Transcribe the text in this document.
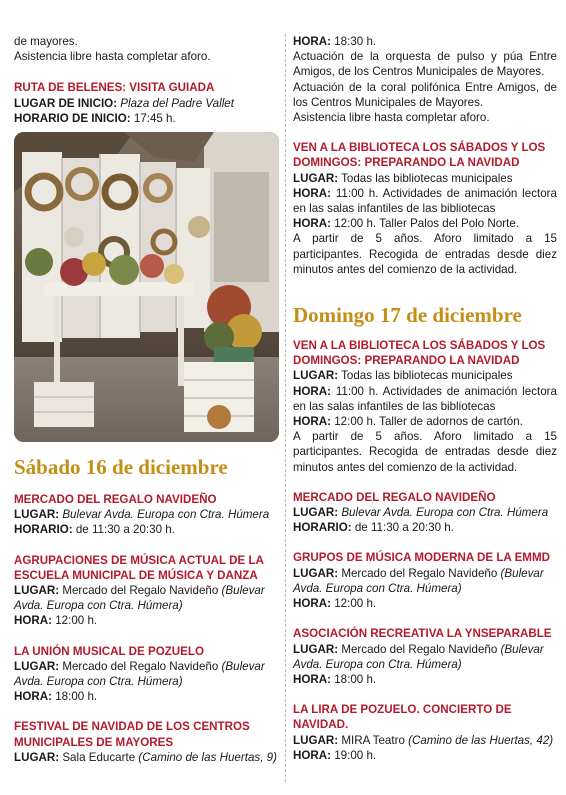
de mayores.

Asistencia libre hasta completar aforo.

RUTA DE BELENES: VISITA GUIADA

LUGAR DE INICIO: Plaza del Padre Vallet

HORARIO DE INICIO: 17:45 h.

Sábado 16 de diciembre

MERCADO DEL REGALO NAVIDEÑO

LUGAR: Bulevar Avda. Europa con Ctra. Húmera

HORARIO: de 11:30 a 20:30 h.

AGRUPACIONES DE MÚSICA ACTUAL DE LA ESCUELA MUNICIPAL DE MÚSICA Y DANZA

LUGAR: Mercado del Regalo Navideño (Bulevar Avda. Europa con Ctra. Húmera)

HORA: 12:00 h.

LA UNIÓN MUSICAL DE POZUELO

LUGAR: Mercado del Regalo Navideño (Bulevar Avda. Europa con Ctra. Húmera)

HORA: 18:00 h.

FESTIVAL DE NAVIDAD DE LOS CENTROS MUNICIPALES DE MAYORES

LUGAR: Sala Educarte (Camino de las Huertas, 9)

HORA: 18:30 h.

Actuación de la orquesta de pulso y púa Entre Amigos, de los Centros Municipales de Mayores.

Actuación de la coral polifónica Entre Amigos, de los Centros Municipales de Mayores.

Asistencia libre hasta completar aforo.

VEN A LA BIBLIOTECA LOS SÁBADOS Y LOS DOMINGOS: PREPARANDO LA NAVIDAD

LUGAR: Todas las bibliotecas municipales

HORA: 11:00 h. Actividades de animación lectora en las salas infantiles de las bibliotecas

HORA: 12:00 h. Taller Palos del Polo Norte.

A partir de 5 años. Aforo limitado a 15 participantes. Recogida de entradas desde diez minutos antes del comienzo de la actividad.

Domingo 17 de diciembre

VEN A LA BIBLIOTECA LOS SÁBADOS Y LOS DOMINGOS: PREPARANDO LA NAVIDAD

LUGAR: Todas las bibliotecas municipales

HORA: 11:00 h. Actividades de animación lectora en las salas infantiles de las bibliotecas

HORA: 12:00 h. Taller de adornos de cartón.

A partir de 5 años. Aforo limitado a 15 participantes. Recogida de entradas desde diez minutos antes del comienzo de la actividad.

MERCADO DEL REGALO NAVIDEÑO

LUGAR: Bulevar Avda. Europa con Ctra. Húmera

HORARIO: de 11:30 a 20:30 h.

GRUPOS DE MÚSICA MODERNA DE LA EMMD

LUGAR: Mercado del Regalo Navideño (Bulevar Avda. Europa con Ctra. Húmera)

HORA: 12:00 h.

ASOCIACIÓN RECREATIVA LA YNSEPARABLE

LUGAR: Mercado del Regalo Navideño (Bulevar Avda. Europa con Ctra. Húmera)

HORA: 18:00 h.

LA LIRA DE POZUELO. CONCIERTO DE NAVIDAD.

LUGAR: MIRA Teatro (Camino de las Huertas, 42)

HORA: 19:00 h.
